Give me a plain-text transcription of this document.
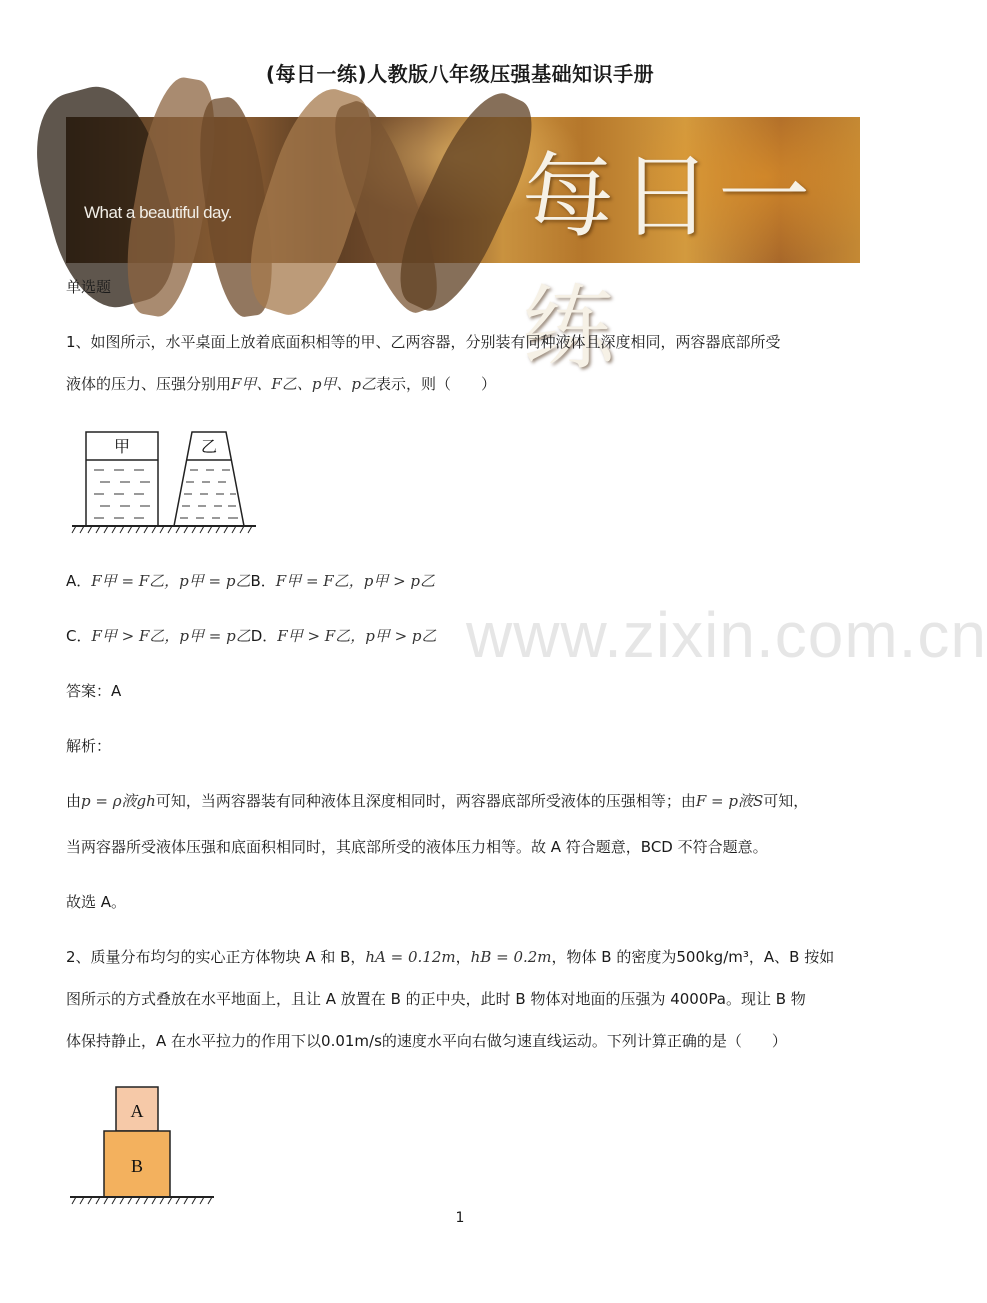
(每日一练)人教版八年级压强基础知识手册
What a beautiful day.	每日一练
单选题
1、如图所示，水平桌面上放着底面积相等的甲、乙两容器，分别装有同种液体且深度相同，两容器底部所受
液体的压力、压强分别用F甲、F乙、p甲、p乙表示，则（　　）
甲	乙
A．F甲 = F乙，p甲 = p乙B．F甲 = F乙，p甲 > p乙
C．F甲 > F乙，p甲 = p乙D．F甲 > F乙，p甲 > p乙 www.zixin.com.cn
答案：A
解析：
由p = ρ液gh可知，当两容器装有同种液体且深度相同时，两容器底部所受液体的压强相等；由F = p液S可知，
当两容器所受液体压强和底面积相同时，其底部所受的液体压力相等。故 A 符合题意，BCD 不符合题意。
故选 A。
2、质量分布均匀的实心正方体物块 A 和 B，hA = 0.12m，hB = 0.2m，物体 B 的密度为500kg/m³，A、B 按如
图所示的方式叠放在水平地面上，且让 A 放置在 B 的正中央，此时 B 物体对地面的压强为 4000Pa。现让 B 物
体保持静止，A 在水平拉力的作用下以0.01m/s的速度水平向右做匀速直线运动。下列计算正确的是（　　）
A
B
1
